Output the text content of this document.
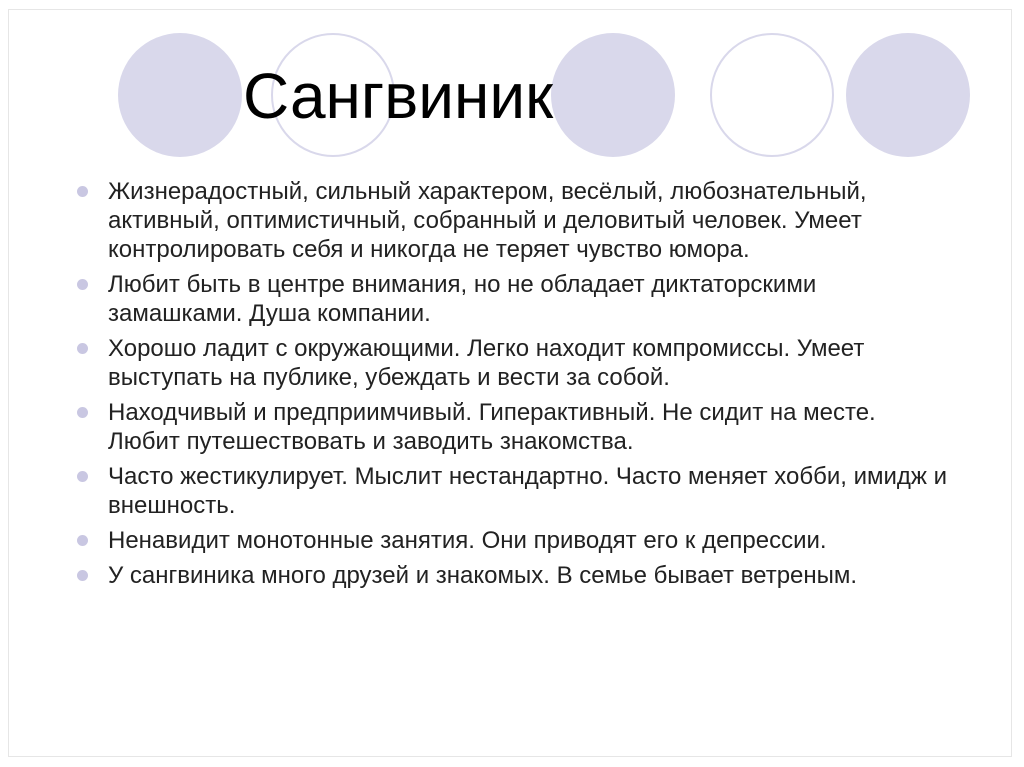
Сангвиник
Жизнерадостный, сильный характером, весёлый, любознательный, активный, оптимистичный, собранный и деловитый человек. Умеет контролировать себя и никогда не теряет чувство юмора.
Любит быть в центре внимания, но не обладает диктаторскими замашками. Душа компании.
Хорошо ладит с окружающими. Легко находит компромиссы. Умеет выступать на публике, убеждать и вести за собой.
Находчивый и предприимчивый. Гиперактивный. Не сидит на месте. Любит путешествовать и заводить знакомства.
Часто жестикулирует. Мыслит нестандартно. Часто меняет хобби, имидж и внешность.
Ненавидит монотонные занятия. Они приводят его к депрессии.
У сангвиника много друзей и знакомых. В семье бывает ветреным.
